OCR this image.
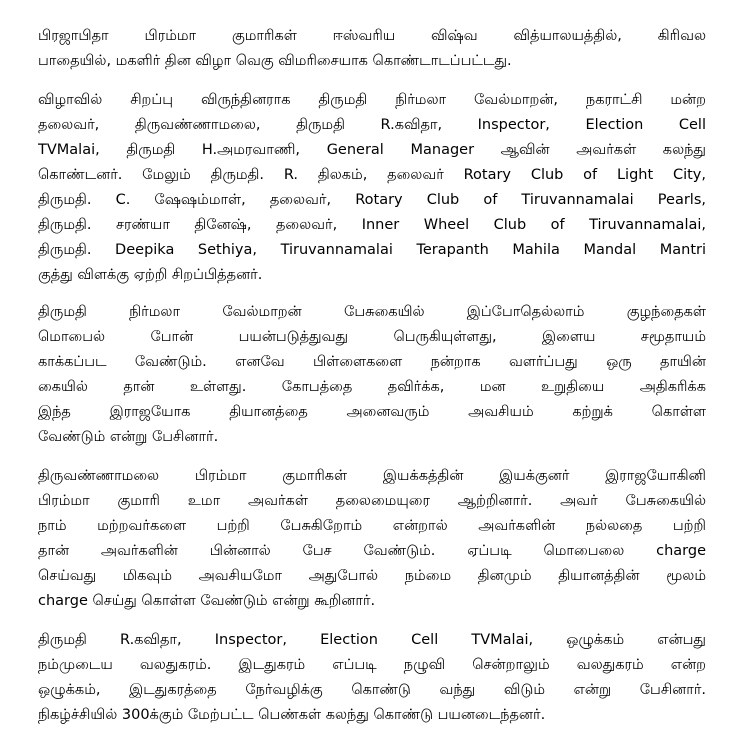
பிரஜாபிதா பிரம்மா குமாரிகள் ஈஸ்வரிய விஷ்வ வித்யாலயத்தில், கிரிவல
பாதையில், மகளிர் தின விழா வெகு விமரிசையாக கொண்டாடப்பட்டது.
விழாவில் சிறப்பு விருந்தினராக திருமதி நிர்மலா வேல்மாறன், நகராட்சி மன்ற
தலைவர், திருவண்ணாமலை, திருமதி R.கவிதா, Inspector, Election Cell
TVMalai, திருமதி H.அமரவாணி, General Manager ஆவின் அவர்கள் கலந்து
கொண்டனர். மேலும் திருமதி. R. திலகம், தலைவர் Rotary Club of Light City,
திருமதி. C. ஷேஷம்மாள், தலைவர், Rotary Club of Tiruvannamalai Pearls,
திருமதி. சரண்யா தினேஷ், தலைவர், Inner Wheel Club of Tiruvannamalai,
திருமதி. Deepika Sethiya, Tiruvannamalai Terapanth Mahila Mandal Mantri
குத்து விளக்கு ஏற்றி சிறப்பித்தனர்.
திருமதி நிர்மலா வேல்மாறன் பேசுகையில் இப்போதெல்லாம் குழந்தைகள்
மொபைல் போன் பயன்படுத்துவது பெருகியுள்ளது, இளைய சமூதாயம்
காக்கப்பட வேண்டும். எனவே பிள்ளைகளை நன்றாக வளர்ப்பது ஒரு தாயின்
கையில் தான் உள்ளது. கோபத்தை தவிர்க்க, மன உறுதியை அதிகரிக்க
இந்த இராஜயோக தியானத்தை அனைவரும் அவசியம் கற்றுக் கொள்ள
வேண்டும் என்று பேசினார்.
திருவண்ணாமலை பிரம்மா குமாரிகள் இயக்கத்தின் இயக்குனர் இராஜயோகினி
பிரம்மா குமாரி உமா அவர்கள் தலைமையுரை ஆற்றினார். அவர் பேசுகையில்
நாம் மற்றவர்களை பற்றி பேசுகிறோம் என்றால் அவர்களின் நல்லதை பற்றி
தான் அவர்களின் பின்னால் பேச வேண்டும். ஏப்படி மொபைலை charge
செய்வது மிகவும் அவசியமோ அதுபோல் நம்மை தினமும் தியானத்தின் மூலம்
charge செய்து கொள்ள வேண்டும் என்று கூறினார்.
திருமதி R.கவிதா, Inspector, Election Cell TVMalai, ஒழுக்கம் என்பது
நம்முடைய வலதுகரம். இடதுகரம் எப்படி நழுவி சென்றாலும் வலதுகரம் என்ற
ஒழுக்கம், இடதுகரத்தை நேர்வழிக்கு கொண்டு வந்து விடும் என்று பேசினார்.
நிகழ்ச்சியில் 300க்கும் மேற்பட்ட பெண்கள் கலந்து கொண்டு பயனடைந்தனர்.
